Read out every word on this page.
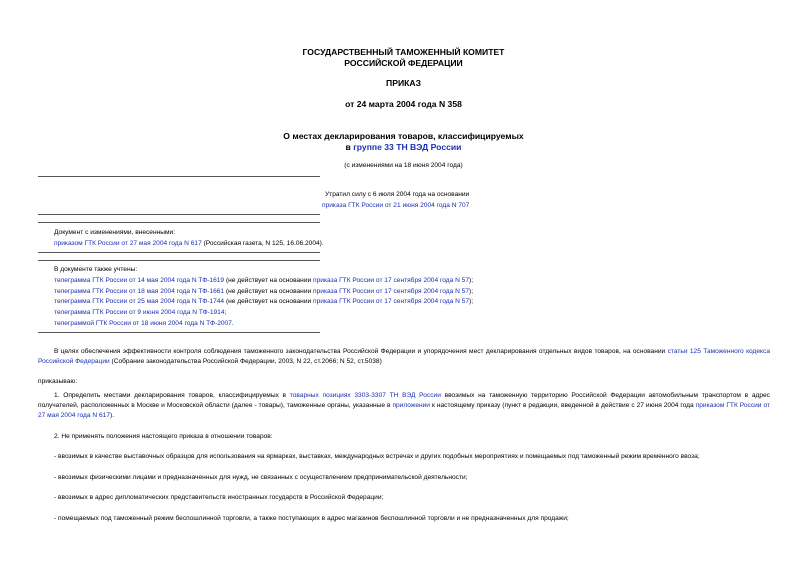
ГОСУДАРСТВЕННЫЙ ТАМОЖЕННЫЙ КОМИТЕТ
РОССИЙСКОЙ ФЕДЕРАЦИИ
ПРИКАЗ
от 24 марта 2004 года N 358
О местах декларирования товаров, классифицируемых
в группе 33 ТН ВЭД России
(с изменениями на 18 июня 2004 года)
Утратил силу с 6 июля 2004 года на основании
приказа ГТК России от 21 июня 2004 года N 707
Документ с изменениями, внесенными:
приказом ГТК России от 27 мая 2004 года N 617 (Российская газета, N 125, 16.06.2004).
В документе также учтены:
телеграмма ГТК России от 14 мая 2004 года N ТФ-1619 (не действует на основании приказа ГТК России от 17 сентября 2004 года N 57);
телеграмма ГТК России от 18 мая 2004 года N ТФ-1661 (не действует на основании приказа ГТК России от 17 сентября 2004 года N 57);
телеграмма ГТК России от 25 мая 2004 года N ТФ-1744 (не действует на основании приказа ГТК России от 17 сентября 2004 года N 57);
телеграмма ГТК России от 9 июня 2004 года N ТФ-1914;
телеграммой ГТК России от 18 июня 2004 года N ТФ-2007.
В целях обеспечения эффективности контроля соблюдения таможенного законодательства Российской Федерации и упорядочения мест декларирования отдельных видов товаров, на основании статьи 125 Таможенного кодекса Российской Федерации (Собрание законодательства Российской Федерации, 2003, N 22, ст.2066; N 52, ст.5038)
приказываю:
1. Определить местами декларирования товаров, классифицируемых в товарных позициях 3303-3307 ТН ВЭД России ввозимых на таможенную территорию Российской Федерации автомобильным транспортом в адрес получателей, расположенных в Москве и Московской области (далее - товары), таможенные органы, указанные в приложении к настоящему приказу (пункт в редакции, введенной в действие с 27 июня 2004 года приказом ГТК России от 27 мая 2004 года N 617).
2. Не применять положения настоящего приказа в отношении товаров:
- ввозимых в качестве выставочных образцов для использования на ярмарках, выставках, международных встречах и других подобных мероприятиях и помещаемых под таможенный режим временного ввоза;
- ввозимых физическими лицами и предназначенных для нужд, не связанных с осуществлением предпринимательской деятельности;
- ввозимых в адрес дипломатических представительств иностранных государств в Российской Федерации;
- помещаемых под таможенный режим беспошлинной торговли, а также поступающих в адрес магазинов беспошлинной торговли и не предназначенных для продажи;
